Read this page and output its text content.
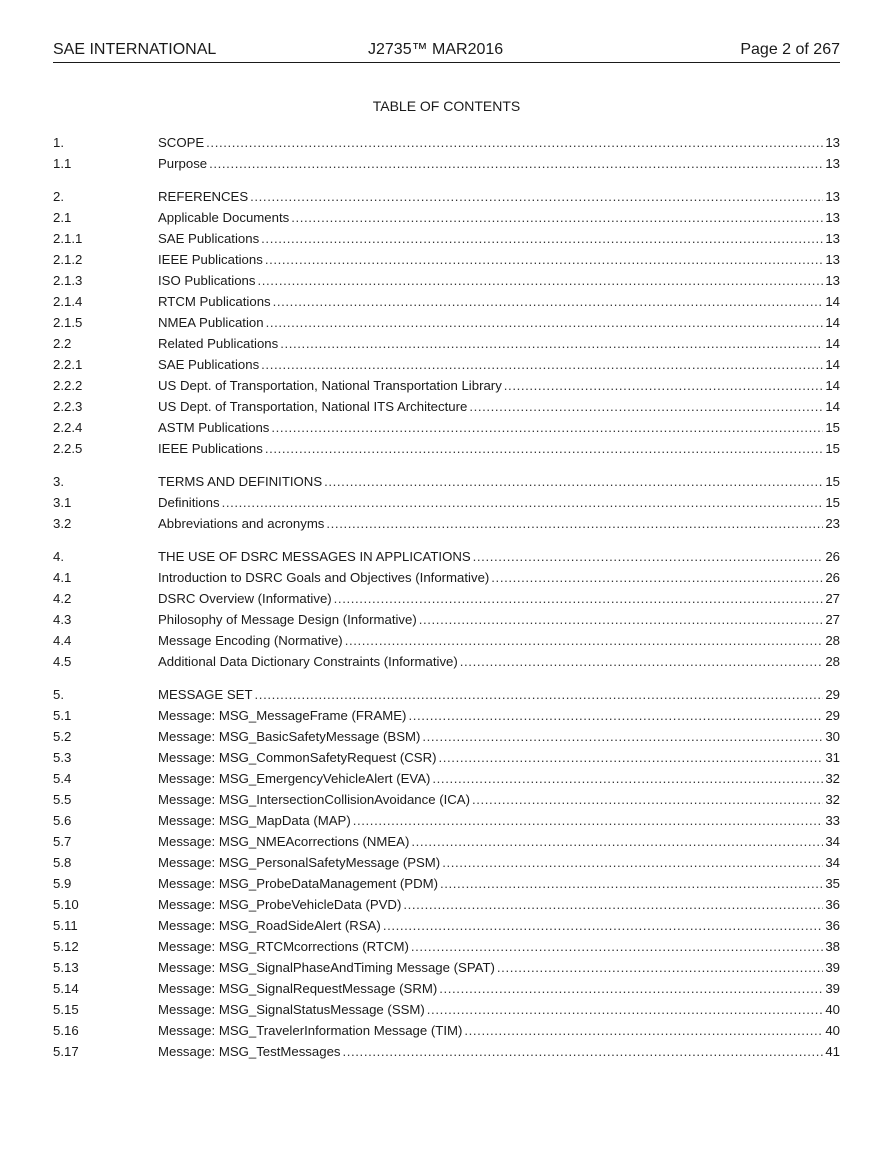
SAE INTERNATIONAL	J2735™ MAR2016	Page 2 of 267
TABLE OF CONTENTS
1.	SCOPE .....	13
1.1	Purpose .....	13
2.	REFERENCES .....	13
2.1	Applicable Documents .....	13
2.1.1	SAE Publications .....	13
2.1.2	IEEE Publications .....	13
2.1.3	ISO Publications .....	13
2.1.4	RTCM Publications .....	14
2.1.5	NMEA Publication .....	14
2.2	Related Publications .....	14
2.2.1	SAE Publications .....	14
2.2.2	US Dept. of Transportation, National Transportation Library .....	14
2.2.3	US Dept. of Transportation, National ITS Architecture .....	14
2.2.4	ASTM Publications .....	15
2.2.5	IEEE Publications .....	15
3.	TERMS AND DEFINITIONS .....	15
3.1	Definitions .....	15
3.2	Abbreviations and acronyms .....	23
4.	THE USE OF DSRC MESSAGES IN APPLICATIONS .....	26
4.1	Introduction to DSRC Goals and Objectives (Informative) .....	26
4.2	DSRC Overview (Informative) .....	27
4.3	Philosophy of Message Design (Informative) .....	27
4.4	Message Encoding (Normative) .....	28
4.5	Additional Data Dictionary Constraints (Informative) .....	28
5.	MESSAGE SET .....	29
5.1	Message: MSG_MessageFrame (FRAME) .....	29
5.2	Message: MSG_BasicSafetyMessage (BSM) .....	30
5.3	Message: MSG_CommonSafetyRequest (CSR) .....	31
5.4	Message: MSG_EmergencyVehicleAlert (EVA) .....	32
5.5	Message: MSG_IntersectionCollisionAvoidance (ICA) .....	32
5.6	Message: MSG_MapData (MAP) .....	33
5.7	Message: MSG_NMEAcorrections (NMEA) .....	34
5.8	Message: MSG_PersonalSafetyMessage (PSM) .....	34
5.9	Message: MSG_ProbeDataManagement (PDM) .....	35
5.10	Message: MSG_ProbeVehicleData (PVD) .....	36
5.11	Message: MSG_RoadSideAlert (RSA) .....	36
5.12	Message: MSG_RTCMcorrections (RTCM) .....	38
5.13	Message: MSG_SignalPhaseAndTiming Message (SPAT) .....	39
5.14	Message: MSG_SignalRequestMessage (SRM) .....	39
5.15	Message: MSG_SignalStatusMessage (SSM) .....	40
5.16	Message: MSG_TravelerInformation Message (TIM) .....	40
5.17	Message: MSG_TestMessages .....	41
